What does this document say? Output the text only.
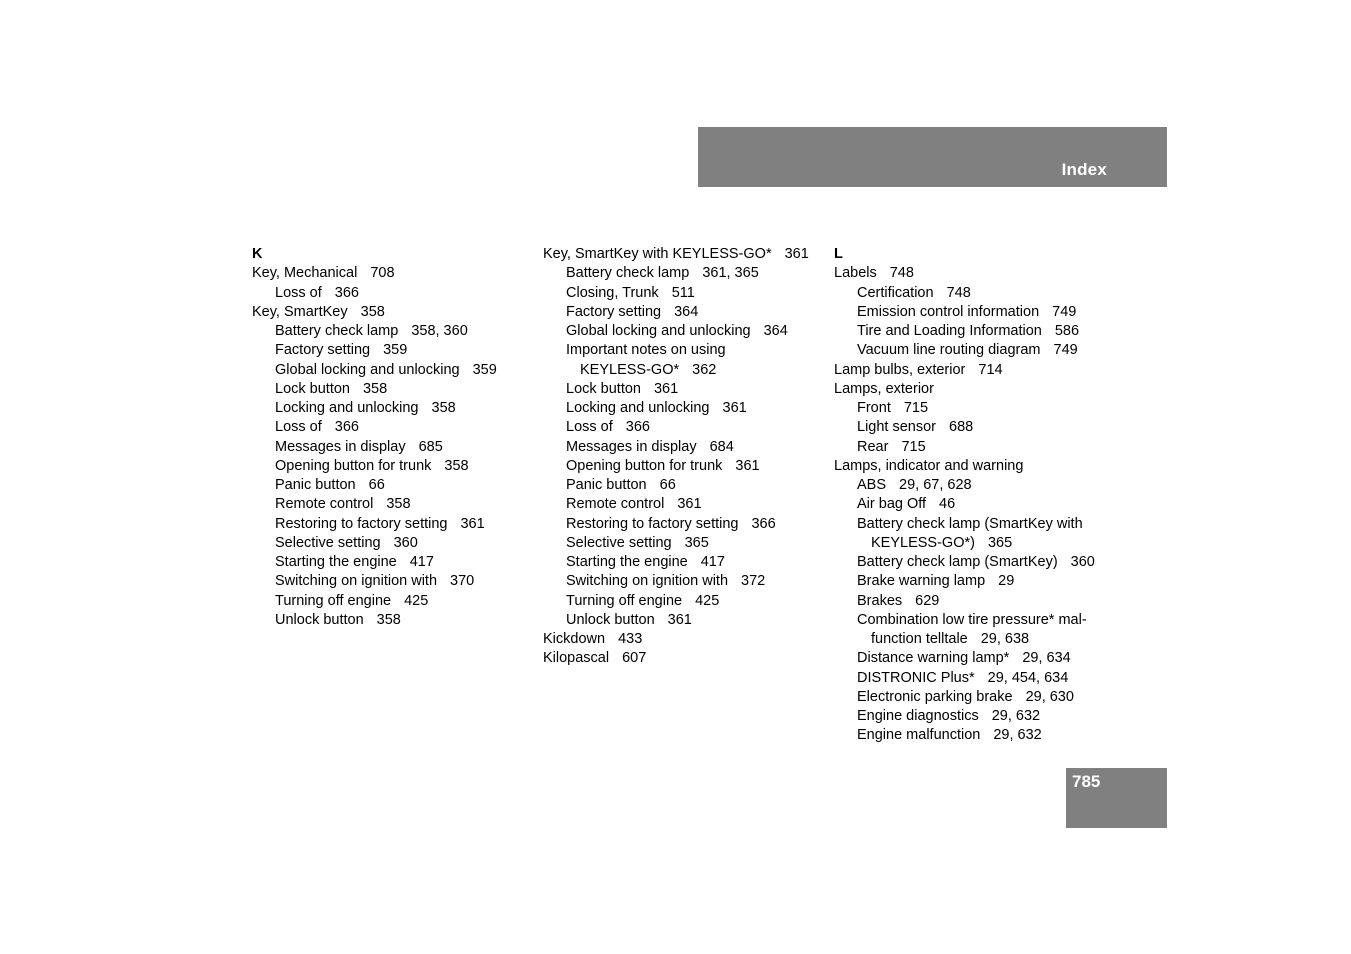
Index
K
Key, Mechanical 708
Loss of 366
Key, SmartKey 358
Battery check lamp 358, 360
Factory setting 359
Global locking and unlocking 359
Lock button 358
Locking and unlocking 358
Loss of 366
Messages in display 685
Opening button for trunk 358
Panic button 66
Remote control 358
Restoring to factory setting 361
Selective setting 360
Starting the engine 417
Switching on ignition with 370
Turning off engine 425
Unlock button 358
Key, SmartKey with KEYLESS-GO* 361
Battery check lamp 361, 365
Closing, Trunk 511
Factory setting 364
Global locking and unlocking 364
Important notes on using
KEYLESS-GO* 362
Lock button 361
Locking and unlocking 361
Loss of 366
Messages in display 684
Opening button for trunk 361
Panic button 66
Remote control 361
Restoring to factory setting 366
Selective setting 365
Starting the engine 417
Switching on ignition with 372
Turning off engine 425
Unlock button 361
Kickdown 433
Kilopascal 607
L
Labels 748
Certification 748
Emission control information 749
Tire and Loading Information 586
Vacuum line routing diagram 749
Lamp bulbs, exterior 714
Lamps, exterior
Front 715
Light sensor 688
Rear 715
Lamps, indicator and warning
ABS 29, 67, 628
Air bag Off 46
Battery check lamp (SmartKey with
KEYLESS-GO*) 365
Battery check lamp (SmartKey) 360
Brake warning lamp 29
Brakes 629
Combination low tire pressure* mal-
function telltale 29, 638
Distance warning lamp* 29, 634
DISTRONIC Plus* 29, 454, 634
Electronic parking brake 29, 630
Engine diagnostics 29, 632
Engine malfunction 29, 632
785
